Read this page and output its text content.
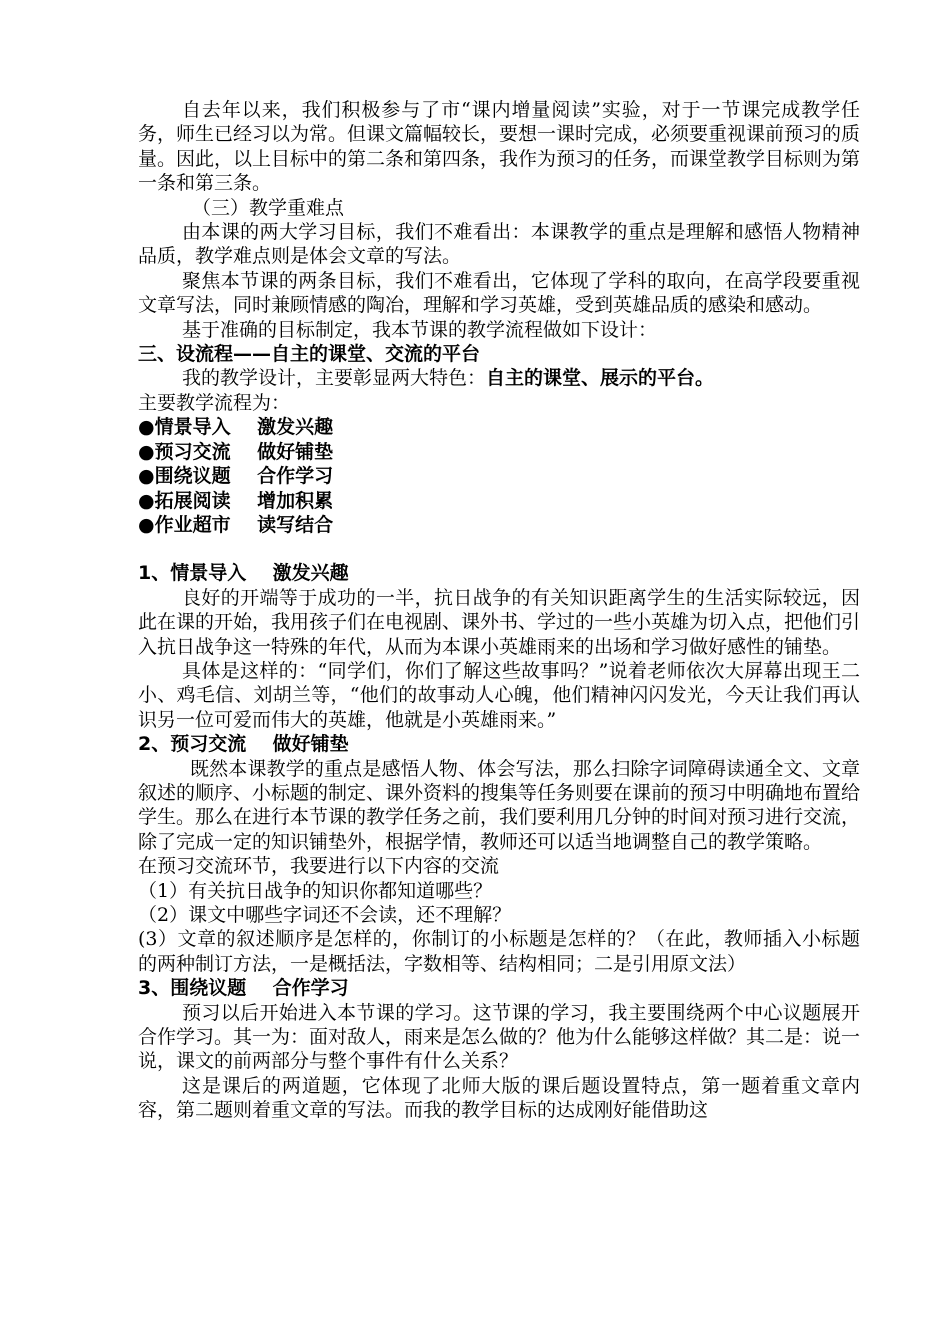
自去年以来，我们积极参与了市“课内增量阅读”实验，对于一节课完成教学任务，师生已经习以为常。但课文篇幅较长，要想一课时完成，必须要重视课前预习的质量。因此，以上目标中的第二条和第四条，我作为预习的任务，而课堂教学目标则为第一条和第三条。

（三）教学重难点

由本课的两大学习目标，我们不难看出：本课教学的重点是理解和感悟人物精神品质，教学难点则是体会文章的写法。

聚焦本节课的两条目标，我们不难看出，它体现了学科的取向，在高学段要重视文章写法，同时兼顾情感的陶冶，理解和学习英雄，受到英雄品质的感染和感动。

基于准确的目标制定，我本节课的教学流程做如下设计：

三、设流程——自主的课堂、交流的平台

我的教学设计，主要彰显两大特色：自主的课堂、展示的平台。

主要教学流程为：

●情景导入 激发兴趣

●预习交流 做好铺垫

●围绕议题 合作学习

●拓展阅读 增加积累

●作业超市 读写结合

1、情景导入    激发兴趣

良好的开端等于成功的一半，抗日战争的有关知识距离学生的生活实际较远，因此在课的开始，我用孩子们在电视剧、课外书、学过的一些小英雄为切入点，把他们引入抗日战争这一特殊的年代，从而为本课小英雄雨来的出场和学习做好感性的铺垫。

具体是这样的：“同学们，你们了解这些故事吗？”说着老师依次大屏幕出现王二小、鸡毛信、刘胡兰等，“他们的故事动人心魄，他们精神闪闪发光，今天让我们再认识另一位可爱而伟大的英雄，他就是小英雄雨来。”

2、预习交流    做好铺垫

既然本课教学的重点是感悟人物、体会写法，那么扫除字词障碍读通全文、文章叙述的顺序、小标题的制定、课外资料的搜集等任务则要在课前的预习中明确地布置给学生。那么在进行本节课的教学任务之前，我们要利用几分钟的时间对预习进行交流，除了完成一定的知识铺垫外，根据学情，教师还可以适当地调整自己的教学策略。

在预习交流环节，我要进行以下内容的交流

（1）有关抗日战争的知识你都知道哪些？

（2）课文中哪些字词还不会读，还不理解？

(3）文章的叙述顺序是怎样的，你制订的小标题是怎样的？（在此，教师插入小标题的两种制订方法，一是概括法，字数相等、结构相同；二是引用原文法）

3、围绕议题    合作学习

预习以后开始进入本节课的学习。这节课的学习，我主要围绕两个中心议题展开合作学习。其一为：面对敌人，雨来是怎么做的？他为什么能够这样做？其二是：说一说，课文的前两部分与整个事件有什么关系？

这是课后的两道题，它体现了北师大版的课后题设置特点，第一题着重文章内容，第二题则着重文章的写法。而我的教学目标的达成刚好能借助这
